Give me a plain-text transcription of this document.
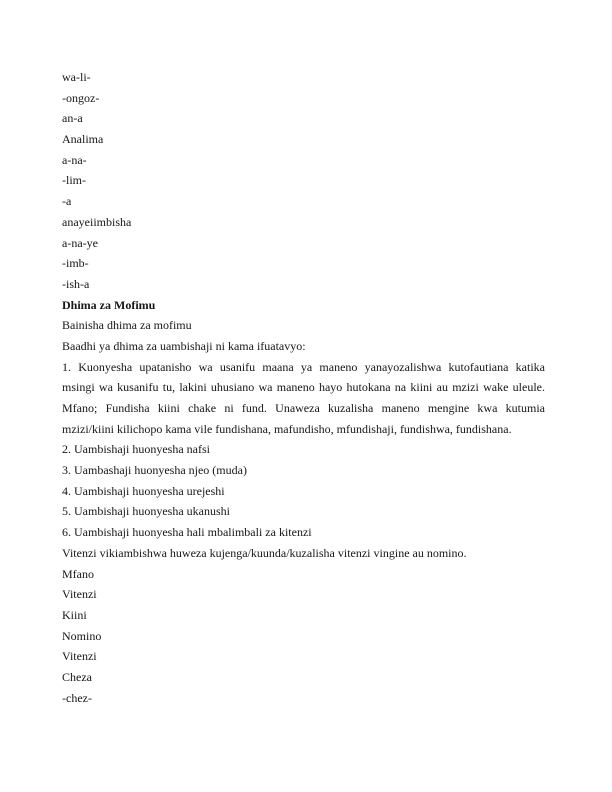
wa-li-
-ongoz-
an-a
Analima
a-na-
-lim-
-a
anayeiimbisha
a-na-ye
-imb-
-ish-a
Dhima za Mofimu
Bainisha dhima za mofimu
Baadhi ya dhima za uambishaji ni kama ifuatavyo:
1. Kuonyesha upatanisho wa usanifu maana ya maneno yanayozalishwa kutofautiana katika
msingi wa kusanifu tu, lakini uhusiano wa maneno hayo hutokana na kiini au mzizi wake uleule.
Mfano; Fundisha kiini chake ni fund. Unaweza kuzalisha maneno mengine kwa kutumia
mzizi/kiini kilichopo kama vile fundishana, mafundisho, mfundishaji, fundishwa, fundishana.
2. Uambishaji huonyesha nafsi
3. Uambashaji huonyesha njeo (muda)
4. Uambishaji huonyesha urejeshi
5. Uambishaji huonyesha ukanushi
6. Uambishaji huonyesha hali mbalimbali za kitenzi
Vitenzi vikiambishwa huweza kujenga/kuunda/kuzalisha vitenzi vingine au nomino.
Mfano
Vitenzi
Kiini
Nomino
Vitenzi
Cheza
-chez-
